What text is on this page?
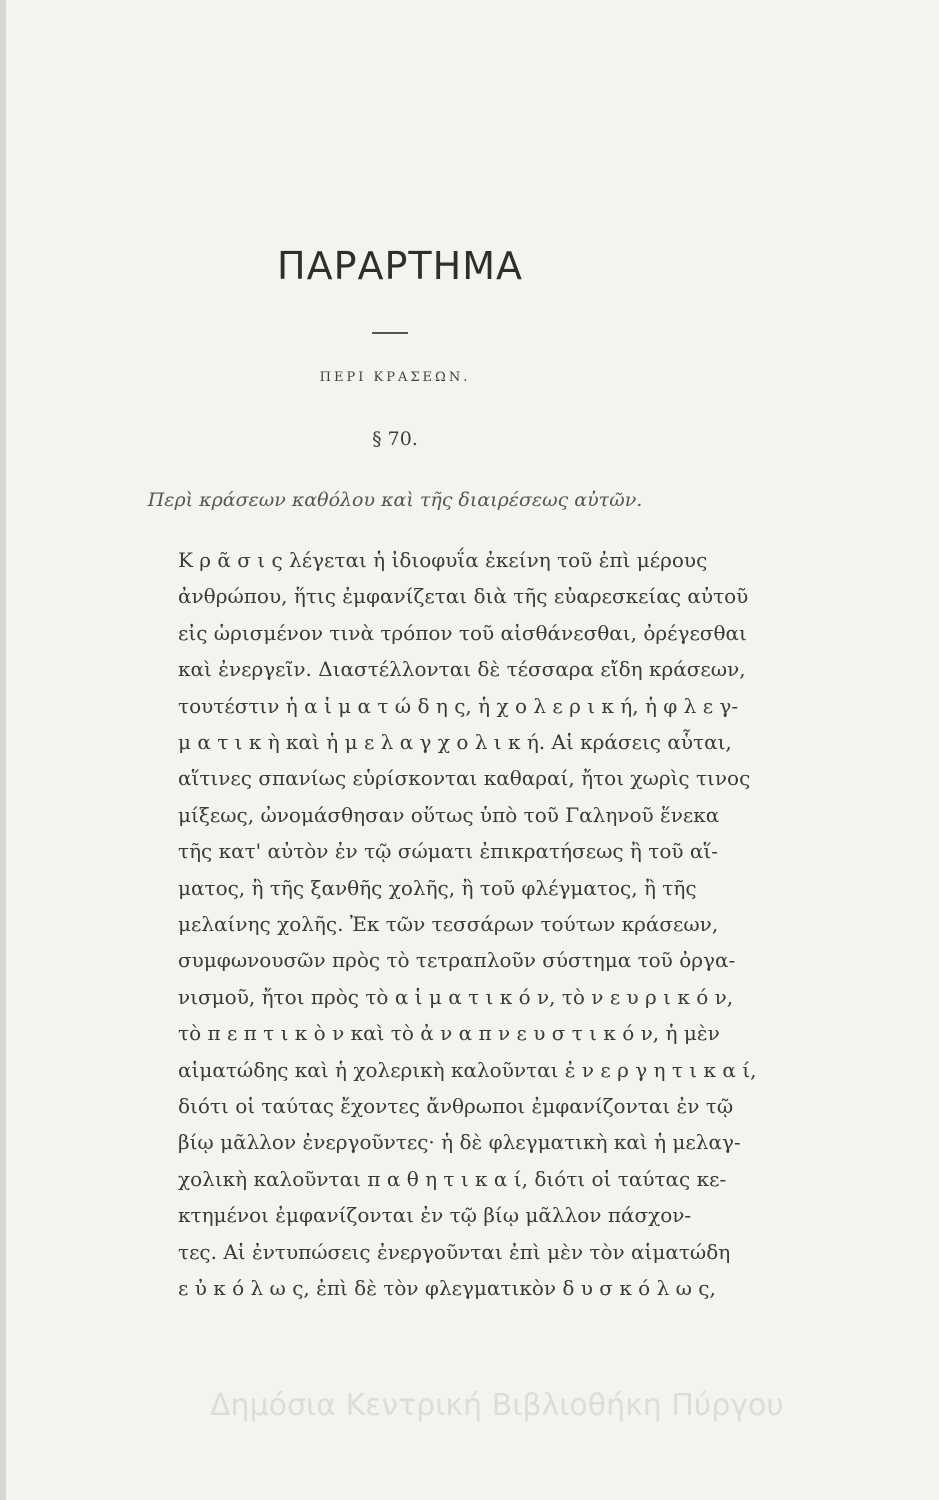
ΠΑΡΑΡΤΗΜΑ
ΠΕΡΙ ΚΡΑΣΕΩΝ.
§ 70.
Περὶ κράσεων καθόλου καὶ τῆς διαιρέσεως αὐτῶν.
Κ ρ ᾶ σ ι ς λέγεται ἡ ἰδιοφυΐα ἐκείνη τοῦ ἐπὶ μέρους
ἀνθρώπου, ἥτις ἐμφανίζεται διὰ τῆς εὐαρεσκείας αὐτοῦ
εἰς ὡρισμένον τινὰ τρόπον τοῦ αἰσθάνεσθαι, ὀρέγεσθαι
καὶ ἐνεργεῖν. Διαστέλλονται δὲ τέσσαρα εἴδη κράσεων,
τουτέστιν ἡ α ἱ μ α τ ώ δ η ς, ἡ χ ο λ ε ρ ι κ ή, ἡ φ λ ε γ-
μ α τ ι κ ὴ καὶ ἡ μ ε λ α γ χ ο λ ι κ ή. Αἱ κράσεις αὗται,
αἵτινες σπανίως εὑρίσκονται καθαραί, ἤτοι χωρὶς τινος
μίξεως, ὠνομάσθησαν οὕτως ὑπὸ τοῦ Γαληνοῦ ἕνεκα
τῆς κατ' αὐτὸν ἐν τῷ σώματι ἐπικρατήσεως ἢ τοῦ αἵ-
ματος, ἢ τῆς ξανθῆς χολῆς, ἢ τοῦ φλέγματος, ἢ τῆς
μελαίνης χολῆς. Ἐκ τῶν τεσσάρων τούτων κράσεων,
συμφωνουσῶν πρὸς τὸ τετραπλοῦν σύστημα τοῦ ὀργα-
νισμοῦ, ἤτοι πρὸς τὸ α ἱ μ α τ ι κ ό ν, τὸ ν ε υ ρ ι κ ό ν,
τὸ π ε π τ ι κ ὸ ν καὶ τὸ ἀ ν α π ν ε υ σ τ ι κ ό ν, ἡ μὲν
αἱματώδης καὶ ἡ χολερικὴ καλοῦνται ἐ ν ε ρ γ η τ ι κ α ί,
διότι οἱ ταύτας ἔχοντες ἄνθρωποι ἐμφανίζονται ἐν τῷ
βίῳ μᾶλλον ἐνεργοῦντες· ἡ δὲ φλεγματικὴ καὶ ἡ μελαγ-
χολικὴ καλοῦνται π α θ η τ ι κ α ί, διότι οἱ ταύτας κε-
κτημένοι ἐμφανίζονται ἐν τῷ βίῳ μᾶλλον πάσχον-
τες. Αἱ ἐντυπώσεις ἐνεργοῦνται ἐπὶ μὲν τὸν αἱματώδη
ε ὐ κ ό λ ω ς, ἐπὶ δὲ τὸν φλεγματικὸν δ υ σ κ ό λ ω ς,
Δημόσια Κεντρική Βιβλιοθήκη Πύργου
